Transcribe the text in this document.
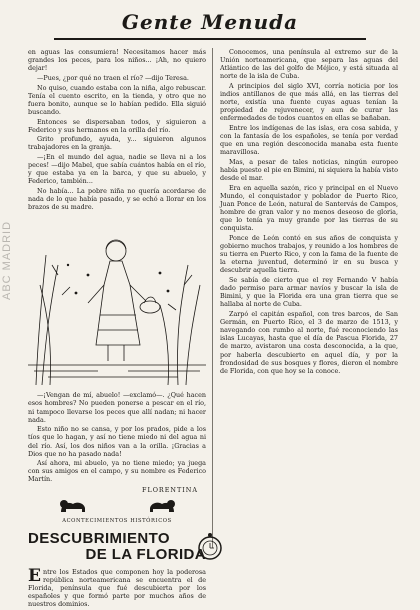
Gente Menuda
ABC MADRID

en aguas las consumiera! Necesitamos hacer más grandes los peces, para los niños... ¡Ah, no quiero dejar!

—Pues, ¿por qué no traen el río? —dijo Teresa.

No quiso, cuando estaba con la niña, algo rebuscar. Tenía el cuento escrito, en la tienda, y otro que no fuera bonito, aunque se lo habían pedido. Ella siguió buscando.

Entonces se dispersaban todos, y siguieron a Federico y sus hermanos en la orilla del río.

Grito profundo, ayuda, y... siguieron algunos trabajadores en la granja.

—¡En el mundo del agua, nadie se lleva ni a los peces! —dijo Mabel, que sabía cuántos había en el río, y que estaba ya en la barca, y que su abuelo, y Federico, también...

No había... La pobre niña no quería acordarse de nada de lo que había pasado, y se echó a llorar en los brazos de su madre.

—¡Vengan de mí, abuelo! —exclamó—. ¿Qué hacen esos hombres? No pueden ponerse a pescar en el río, ni tampoco llevarse los peces que allí nadan; ni hacer nada.

Esto niño no se cansa, y por los prados, pide a los tíos que lo hagan, y así no tiene miedo ni del agua ni del río. Así, los dos niños van a la orilla. ¡Gracias a Dios que no ha pasado nada!

Así ahora, mi abuelo, ya no tiene miedo; ya juega con sus amigos en el campo, y su nombre es Federico Martín.

FLORENTINA
ACONTECIMIENTOS HISTÓRICOS
DESCUBRIMIENTO
DE LA FLORIDA

Entre los Estados que componen hoy la poderosa república norteamericana se encuentra el de Florida, península que fué descubierta por los españoles y que formó parte por muchos años de nuestros dominios.

Conocemos, una península al extremo sur de la Unión norteamericana, que separa las aguas del Atlántico de las del golfo de Méjico, y está situada al norte de la isla de Cuba.

A principios del siglo XVI, corría noticia por los indios antillanos de que más allá, en las tierras del norte, existía una fuente cuyas aguas tenían la propiedad de rejuvenecer, y aun de curar las enfermedades de todos cuantos en ellas se bañaban.

Entre los indígenas de las islas, era cosa sabida, y con la fantasía de los españoles, se tenía por verdad que en una región desconocida manaba esta fuente maravillosa.

Mas, a pesar de tales noticias, ningún europeo había puesto el pie en Bimini, ni siquiera la había visto desde el mar.

Era en aquella sazón, rico y principal en el Nuevo Mundo, el conquistador y poblador de Puerto Rico, Juan Ponce de León, natural de Santervás de Campos, hombre de gran valor y no menos deseoso de gloria, que lo tenía ya muy grande por las tierras de su conquista.

Ponce de León contó en sus años de conquista y gobierno muchos trabajos, y reunido a los hombres de su tierra en Puerto Rico, y con la fama de la fuente de la eterna juventud, determinó ir en su busca y descubrir aquella tierra.

Se sabía de cierto que el rey Fernando V había dado permiso para armar navíos y buscar la isla de Bimini, y que la Florida era una gran tierra que se hallaba al norte de Cuba.

Zarpó el capitán español, con tres barcos, de San Germán, en Puerto Rico, el 3 de marzo de 1513, y navegando con rumbo al norte, fué reconociendo las islas Lucayas, hasta que el día de Pascua Florida, 27 de marzo, avistaron una costa desconocida, a la que, por haberla descubierto en aquel día, y por la frondosidad de sus bosques y flores, dieron el nombre de Florida, con que hoy se la conoce.
